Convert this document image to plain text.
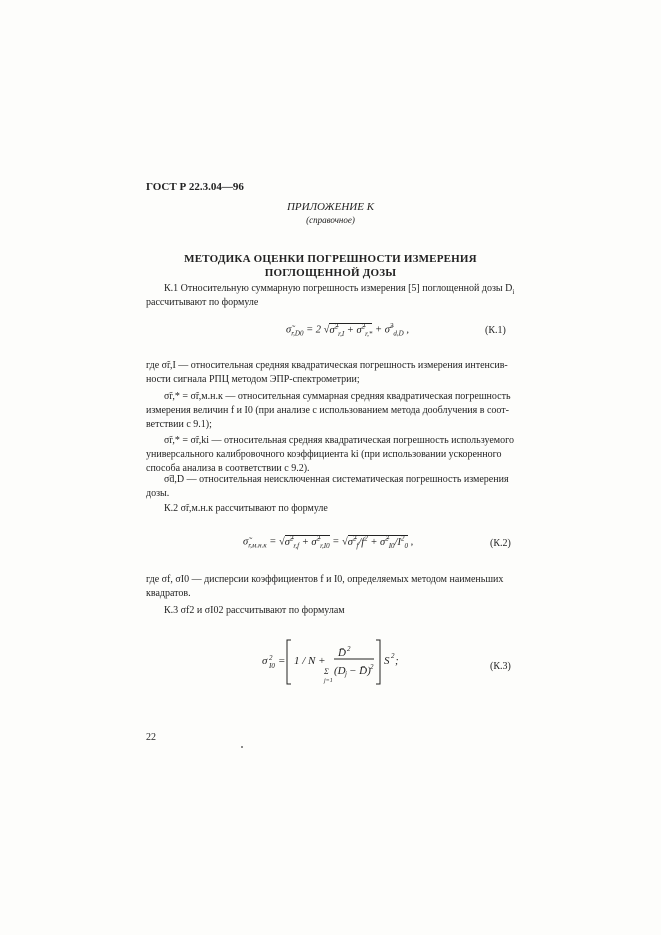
ГОСТ Р 22.3.04—96
ПРИЛОЖЕНИЕ К
(справочное)
МЕТОДИКА ОЦЕНКИ ПОГРЕШНОСТИ ИЗМЕРЕНИЯ
ПОГЛОЩЕННОЙ ДОЗЫ
К.1 Относительную суммарную погрешность измерения [5] поглощенной дозы $D_i$
рассчитывают по формуле
$\sigmã_{r,D0} = 2$ √σ̃$^2_{r,I}$ + σ̃$^2_{r,*}$ + σ̃$^2_{d,D}$ ,	(К.1)
где σ̃r,I — относительная средняя квадратическая погрешность измерения интенсив-
ности сигнала РПЦ методом ЭПР-спектрометрии;
σ̃r,* = σ̃r,м.н.к — относительная суммарная средняя квадратическая погрешность
измерения величин f и I0 (при анализе с использованием метода дооблучения в соот-
ветствии с 9.1);
σ̃r,* = σ̃r,ki — относительная средняя квадратическая погрешность используемого
универсального калибровочного коэффициента ki (при использовании ускоренного
способа анализа в соответствии с 9.2).
σ̃d,D — относительная неисключенная систематическая погрешность измерения
дозы.
К.2 σ̃r,м.н.к рассчитывают по формуле
$\sigmã_{r,м.н.к}$ = √σ̃$^2_{r,f}$ + σ̃$^2_{r,I0}$ = $√\sigmã^2_f/f^2$ + $\sigmã^2_{I0}/I^2_0$ ,	(К.2)
где σf, σI0 — дисперсии коэффициентов f и I0, определяемых методом наименьших
квадратов.
К.3 σf2 и σI02 рассчитывают по формулам
σ 2
I0 = 1 / N +
D̄ 2
Σ
j=1
(D j − D̄) 2 S 2 ;	(К.3)
22
